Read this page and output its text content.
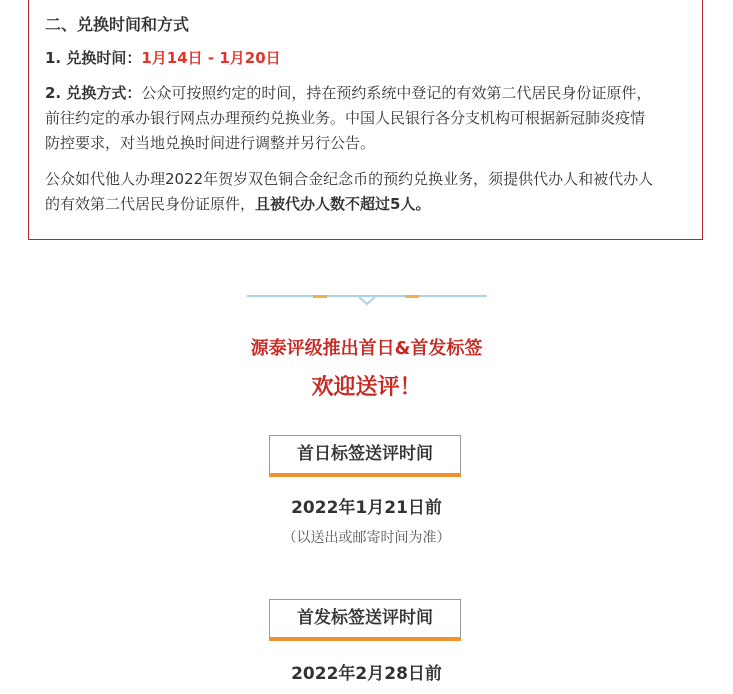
二、兑换时间和方式
1. 兑换时间：1月14日 - 1月20日
2. 兑换方式：公众可按照约定的时间，持在预约系统中登记的有效第二代居民身份证原件，
前往约定的承办银行网点办理预约兑换业务。中国人民银行各分支机构可根据新冠肺炎疫情
防控要求，对当地兑换时间进行调整并另行公告。
公众如代他人办理2022年贺岁双色铜合金纪念币的预约兑换业务，须提供代办人和被代办人
的有效第二代居民身份证原件，且被代办人数不超过5人。
源泰评级推出首日&首发标签
欢迎送评！
首日标签送评时间
2022年1月21日前
（以送出或邮寄时间为准）
首发标签送评时间
2022年2月28日前
